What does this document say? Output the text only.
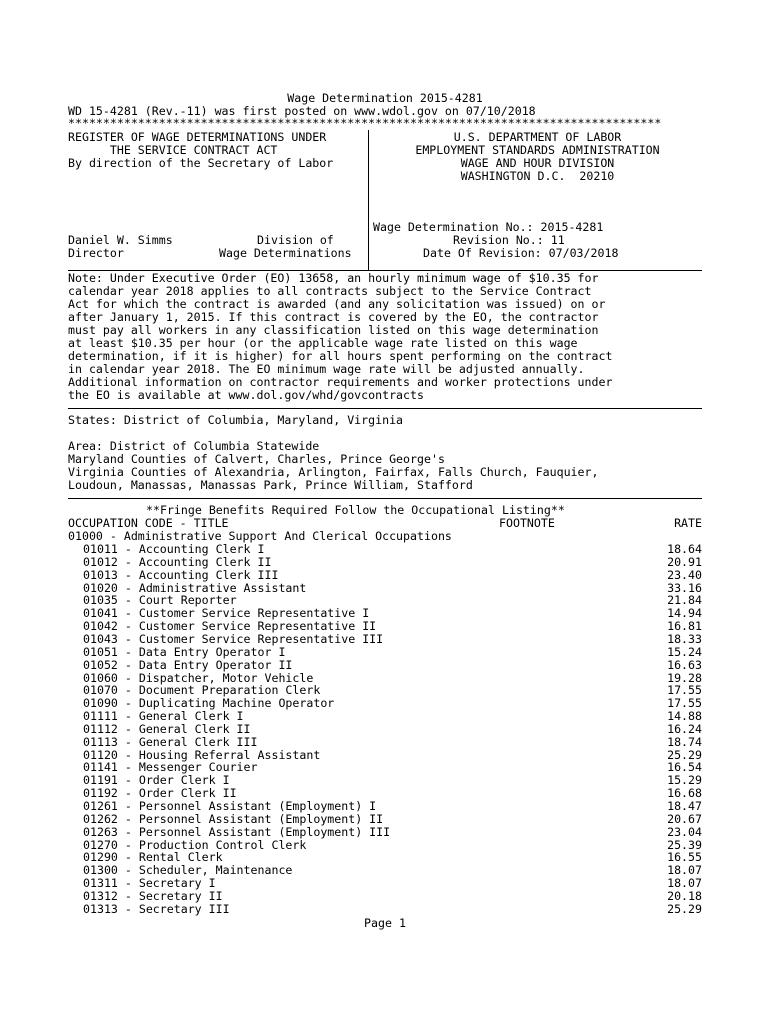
Wage Determination 2015-4281
WD 15-4281 (Rev.-11) was first posted on www.wdol.gov on 07/10/2018
*************************************************************************************
REGISTER OF WAGE DETERMINATIONS UNDER
THE SERVICE CONTRACT ACT
By direction of the Secretary of Labor
U.S. DEPARTMENT OF LABOR
EMPLOYMENT STANDARDS ADMINISTRATION
WAGE AND HOUR DIVISION
WASHINGTON D.C.  20210
Wage Determination No.: 2015-4281
Revision No.: 11
Date Of Revision: 07/03/2018
Daniel W. Simms
Director
Division of
Wage Determinations
Note: Under Executive Order (EO) 13658, an hourly minimum wage of $10.35 for
calendar year 2018 applies to all contracts subject to the Service Contract
Act for which the contract is awarded (and any solicitation was issued) on or
after January 1, 2015. If this contract is covered by the EO, the contractor
must pay all workers in any classification listed on this wage determination
at least $10.35 per hour (or the applicable wage rate listed on this wage
determination, if it is higher) for all hours spent performing on the contract
in calendar year 2018. The EO minimum wage rate will be adjusted annually.
Additional information on contractor requirements and worker protections under
the EO is available at www.dol.gov/whd/govcontracts
States: District of Columbia, Maryland, Virginia
Area: District of Columbia Statewide
Maryland Counties of Calvert, Charles, Prince George's
Virginia Counties of Alexandria, Arlington, Fairfax, Falls Church, Fauquier,
Loudoun, Manassas, Manassas Park, Prince William, Stafford
**Fringe Benefits Required Follow the Occupational Listing**
OCCUPATION CODE - TITLE	FOOTNOTE	RATE
01000 - Administrative Support And Clerical Occupations
01011 - Accounting Clerk I	18.64
01012 - Accounting Clerk II	20.91
01013 - Accounting Clerk III	23.40
01020 - Administrative Assistant	33.16
01035 - Court Reporter	21.84
01041 - Customer Service Representative I	14.94
01042 - Customer Service Representative II	16.81
01043 - Customer Service Representative III	18.33
01051 - Data Entry Operator I	15.24
01052 - Data Entry Operator II	16.63
01060 - Dispatcher, Motor Vehicle	19.28
01070 - Document Preparation Clerk	17.55
01090 - Duplicating Machine Operator	17.55
01111 - General Clerk I	14.88
01112 - General Clerk II	16.24
01113 - General Clerk III	18.74
01120 - Housing Referral Assistant	25.29
01141 - Messenger Courier	16.54
01191 - Order Clerk I	15.29
01192 - Order Clerk II	16.68
01261 - Personnel Assistant (Employment) I	18.47
01262 - Personnel Assistant (Employment) II	20.67
01263 - Personnel Assistant (Employment) III	23.04
01270 - Production Control Clerk	25.39
01290 - Rental Clerk	16.55
01300 - Scheduler, Maintenance	18.07
01311 - Secretary I	18.07
01312 - Secretary II	20.18
01313 - Secretary III	25.29
Page 1
